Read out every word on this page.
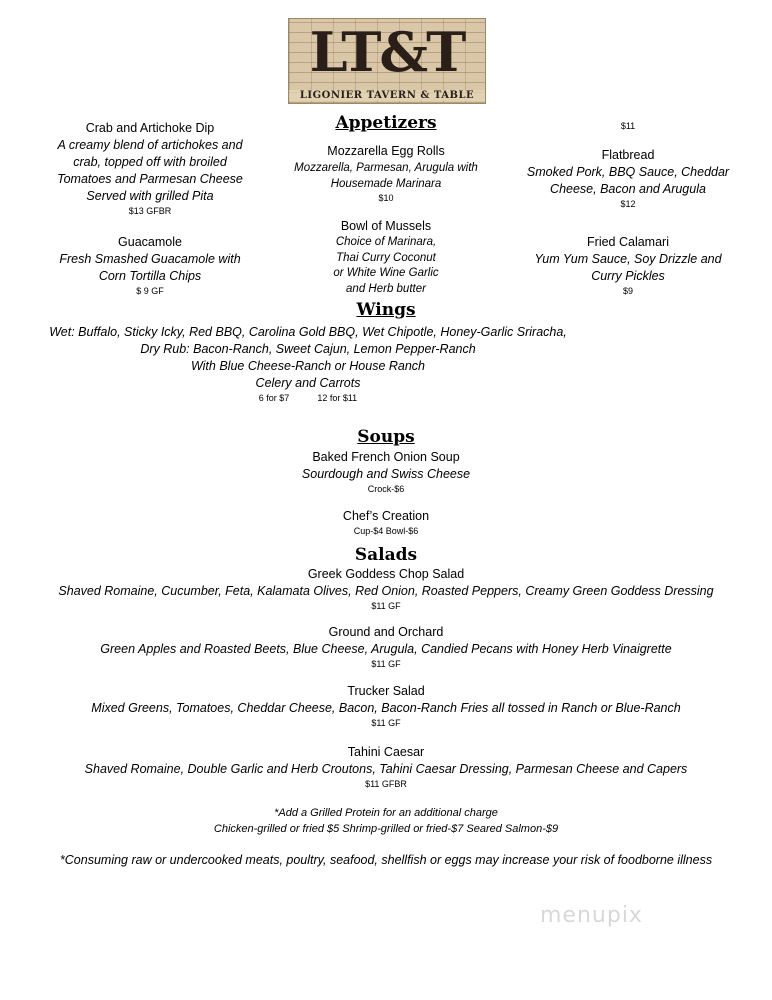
LT&T
LIGONIER TAVERN & TABLE
Appetizers
Crab and Artichoke Dip
A creamy blend of artichokes and
crab, topped off with broiled
Tomatoes and Parmesan Cheese
Served with grilled Pita
$13 GFBR
Guacamole
Fresh Smashed Guacamole with
Corn Tortilla Chips
$ 9 GF
Mozzarella Egg Rolls
Mozzarella, Parmesan, Arugula with
Housemade Marinara
$10
Bowl of Mussels
Choice of Marinara,
Thai Curry Coconut
or White Wine Garlic
and Herb butter
$11
Flatbread
Smoked Pork, BBQ Sauce, Cheddar
Cheese, Bacon and Arugula
$12
Fried Calamari
Yum Yum Sauce, Soy Drizzle and
Curry Pickles
$9
Wings
Wet: Buffalo, Sticky Icky, Red BBQ, Carolina Gold BBQ, Wet Chipotle, Honey-Garlic Sriracha,
Dry Rub: Bacon-Ranch, Sweet Cajun, Lemon Pepper-Ranch
With Blue Cheese-Ranch or House Ranch
Celery and Carrots
6 for $7	12 for $11
Soups
Baked French Onion Soup
Sourdough and Swiss Cheese
Crock-$6
Chef’s Creation
Cup-$4 Bowl-$6
Salads
Greek Goddess Chop Salad
Shaved Romaine, Cucumber, Feta, Kalamata Olives, Red Onion, Roasted Peppers, Creamy Green Goddess Dressing
$11 GF
Ground and Orchard
Green Apples and Roasted Beets, Blue Cheese, Arugula, Candied Pecans with Honey Herb Vinaigrette
$11 GF
Trucker Salad
Mixed Greens, Tomatoes, Cheddar Cheese, Bacon, Bacon-Ranch Fries all tossed in Ranch or Blue-Ranch
$11 GF
Tahini Caesar
Shaved Romaine, Double Garlic and Herb Croutons, Tahini Caesar Dressing, Parmesan Cheese and Capers
$11 GFBR
*Add a Grilled Protein for an additional charge
Chicken-grilled or fried $5 Shrimp-grilled or fried-$7 Seared Salmon-$9
*Consuming raw or undercooked meats, poultry, seafood, shellfish or eggs may increase your risk of foodborne illness
menupix
